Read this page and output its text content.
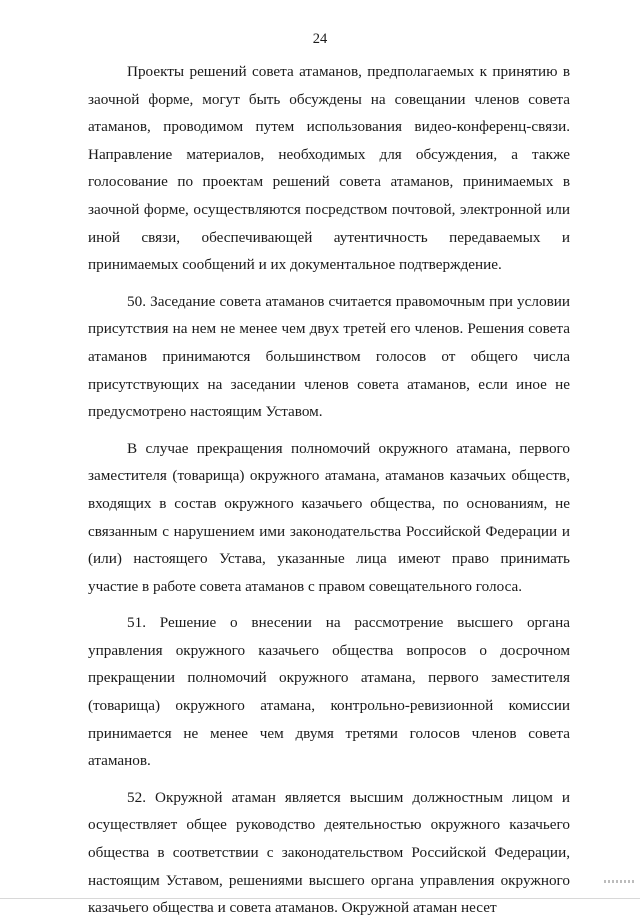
24

Проекты решений совета атаманов, предполагаемых к принятию в заочной форме, могут быть обсуждены на совещании членов совета атаманов, проводимом путем использования видео-конференц-связи. Направление материалов, необходимых для обсуждения, а также голосование по проектам решений совета атаманов, принимаемых в заочной форме, осуществляются посредством почтовой, электронной или иной связи, обеспечивающей аутентичность передаваемых и принимаемых сообщений и их документальное подтверждение.

50. Заседание совета атаманов считается правомочным при условии присутствия на нем не менее чем двух третей его членов. Решения совета атаманов принимаются большинством голосов от общего числа присутствующих на заседании членов совета атаманов, если иное не предусмотрено настоящим Уставом.

В случае прекращения полномочий окружного атамана, первого заместителя (товарища) окружного атамана, атаманов казачьих обществ, входящих в состав окружного казачьего общества, по основаниям, не связанным с нарушением ими законодательства Российской Федерации и (или) настоящего Устава, указанные лица имеют право принимать участие в работе совета атаманов с правом совещательного голоса.

51. Решение о внесении на рассмотрение высшего органа управления окружного казачьего общества вопросов о досрочном прекращении полномочий окружного атамана, первого заместителя (товарища) окружного атамана, контрольно-ревизионной комиссии принимается не менее чем двумя третями голосов членов совета атаманов.

52. Окружной атаман является высшим должностным лицом и осуществляет общее руководство деятельностью окружного казачьего общества в соответствии с законодательством Российской Федерации, настоящим Уставом, решениями высшего органа управления окружного казачьего общества и совета атаманов. Окружной атаман несет
